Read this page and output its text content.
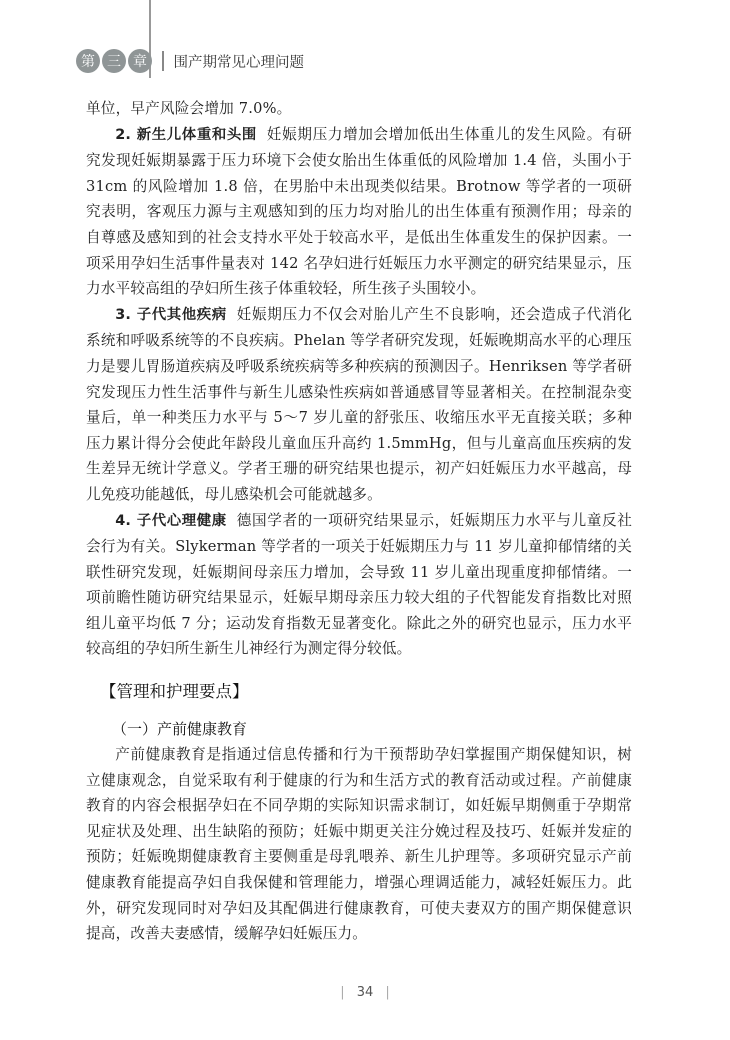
第 三 章	围产期常见心理问题

单位，早产风险会增加 7.0%。

2. 新生儿体重和头围 妊娠期压力增加会增加低出生体重儿的发生风险。有研究发现妊娠期暴露于压力环境下会使女胎出生体重低的风险增加 1.4 倍，头围小于 31cm 的风险增加 1.8 倍，在男胎中未出现类似结果。Brotnow 等学者的一项研究表明，客观压力源与主观感知到的压力均对胎儿的出生体重有预测作用；母亲的自尊感及感知到的社会支持水平处于较高水平，是低出生体重发生的保护因素。一项采用孕妇生活事件量表对 142 名孕妇进行妊娠压力水平测定的研究结果显示，压力水平较高组的孕妇所生孩子体重较轻，所生孩子头围较小。

3. 子代其他疾病 妊娠期压力不仅会对胎儿产生不良影响，还会造成子代消化系统和呼吸系统等的不良疾病。Phelan 等学者研究发现，妊娠晚期高水平的心理压力是婴儿胃肠道疾病及呼吸系统疾病等多种疾病的预测因子。Henriksen 等学者研究发现压力性生活事件与新生儿感染性疾病如普通感冒等显著相关。在控制混杂变量后，单一种类压力水平与 5～7 岁儿童的舒张压、收缩压水平无直接关联；多种压力累计得分会使此年龄段儿童血压升高约 1.5mmHg，但与儿童高血压疾病的发生差异无统计学意义。学者王珊的研究结果也提示，初产妇妊娠压力水平越高，母儿免疫功能越低，母儿感染机会可能就越多。

4. 子代心理健康 德国学者的一项研究结果显示，妊娠期压力水平与儿童反社会行为有关。Slykerman 等学者的一项关于妊娠期压力与 11 岁儿童抑郁情绪的关联性研究发现，妊娠期间母亲压力增加，会导致 11 岁儿童出现重度抑郁情绪。一项前瞻性随访研究结果显示，妊娠早期母亲压力较大组的子代智能发育指数比对照组儿童平均低 7 分；运动发育指数无显著变化。除此之外的研究也显示，压力水平较高组的孕妇所生新生儿神经行为测定得分较低。

【管理和护理要点】
（一）产前健康教育

产前健康教育是指通过信息传播和行为干预帮助孕妇掌握围产期保健知识，树立健康观念，自觉采取有利于健康的行为和生活方式的教育活动或过程。产前健康教育的内容会根据孕妇在不同孕期的实际知识需求制订，如妊娠早期侧重于孕期常见症状及处理、出生缺陷的预防；妊娠中期更关注分娩过程及技巧、妊娠并发症的预防；妊娠晚期健康教育主要侧重是母乳喂养、新生儿护理等。多项研究显示产前健康教育能提高孕妇自我保健和管理能力，增强心理调适能力，减轻妊娠压力。此外，研究发现同时对孕妇及其配偶进行健康教育，可使夫妻双方的围产期保健意识提高，改善夫妻感情，缓解孕妇妊娠压力。

| 34 |
